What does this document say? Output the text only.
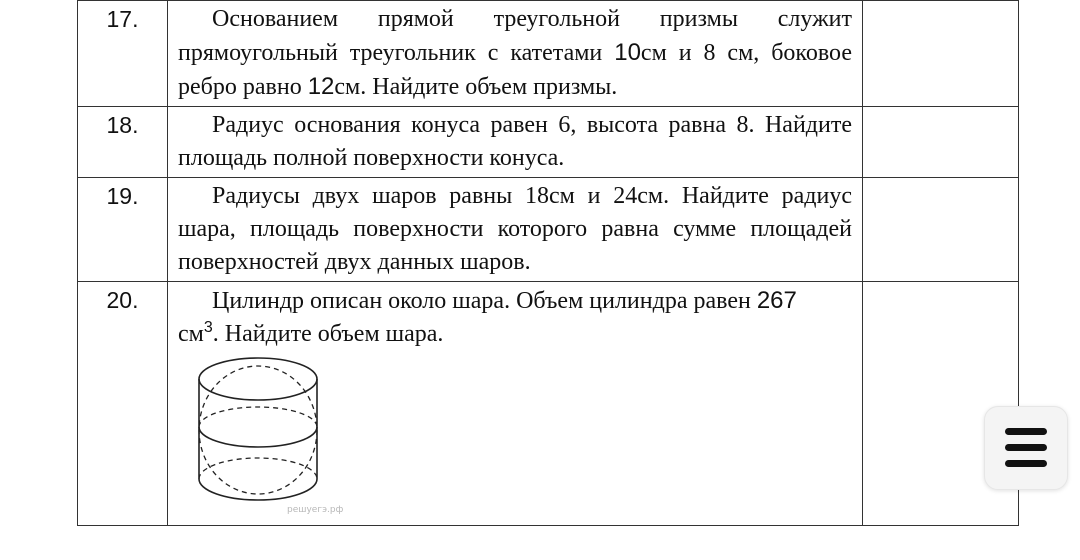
17.	Основанием прямой треугольной призмы служит прямоугольный треугольник с катетами 10см и 8 см, боковое ребро равно 12см. Найдите объем призмы.	

18.	Радиус основания конуса равен 6, высота равна 8. Найдите площадь полной поверхности конуса.	

19.	Радиусы двух шаров равны 18см и 24см. Найдите радиус шара, площадь поверхности которого равна сумме площадей поверхностей двух данных шаров.	

20.	Цилиндр описан около шара. Объем цилиндра равен 267
$см^3$. Найдите объем шара.
решуегэ.рф	
